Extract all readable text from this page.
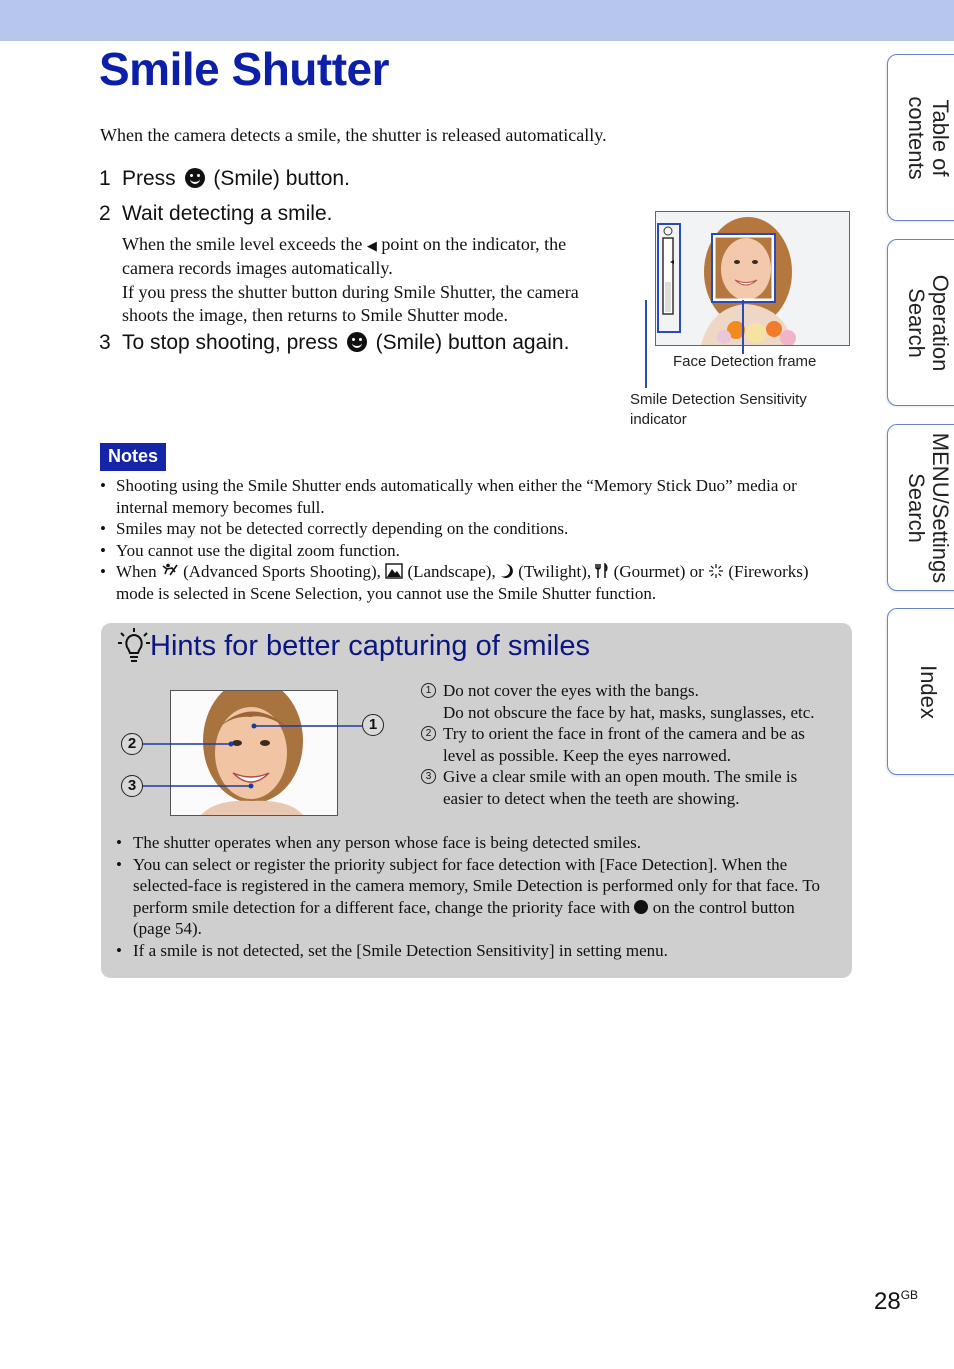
Smile Shutter
When the camera detects a smile, the shutter is released automatically.
1 Press (Smile) button.
2 Wait detecting a smile.
When the smile level exceeds the ◀ point on the indicator, the camera records images automatically.
If you press the shutter button during Smile Shutter, the camera shoots the image, then returns to Smile Shutter mode.
3 To stop shooting, press (Smile) button again.
Face Detection frame
Smile Detection Sensitivity
indicator
Notes
• Shooting using the Smile Shutter ends automatically when either the “Memory Stick Duo” media or internal memory becomes full.
• Smiles may not be detected correctly depending on the conditions.
• You cannot use the digital zoom function.
• When (Advanced Sports Shooting), (Landscape), (Twilight), (Gourmet) or (Fireworks) mode is selected in Scene Selection, you cannot use the Smile Shutter function.
Hints for better capturing of smiles
1
2
3
1 Do not cover the eyes with the bangs.
Do not obscure the face by hat, masks, sunglasses, etc.
2 Try to orient the face in front of the camera and be as level as possible. Keep the eyes narrowed.
3 Give a clear smile with an open mouth. The smile is easier to detect when the teeth are showing.
• The shutter operates when any person whose face is being detected smiles.
• You can select or register the priority subject for face detection with [Face Detection]. When the selected-face is registered in the camera memory, Smile Detection is performed only for that face. To perform smile detection for a different face, change the priority face with on the control button (page 54).
• If a smile is not detected, set the [Smile Detection Sensitivity] in setting menu.
Table of
contents
Operation
Search
MENU/Settings
Search
Index
$28^{GB}$
